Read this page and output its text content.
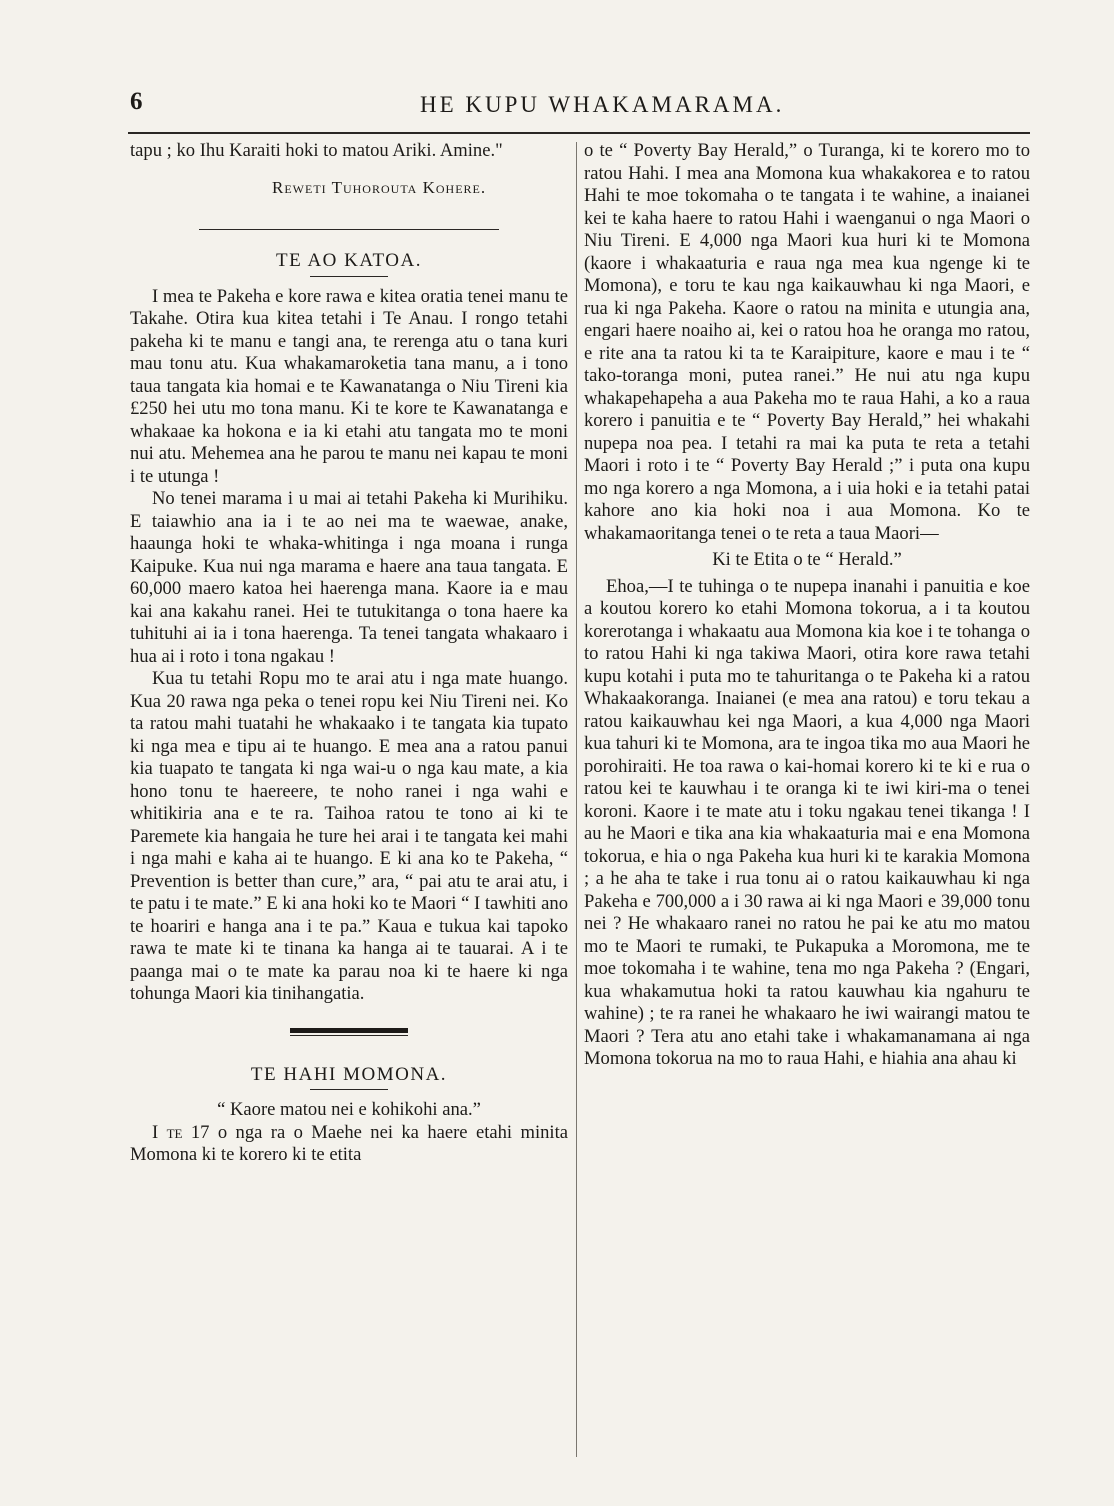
6	HE KUPU WHAKAMARAMA.

tapu ; ko Ihu Karaiti hoki to matou Ariki. Amine."

Reweti Tuhorouta Kohere.

TE AO KATOA.

I mea te Pakeha e kore rawa e kitea oratia tenei manu te Takahe. Otira kua kitea tetahi i Te Anau. I rongo tetahi pakeha ki te manu e tangi ana, te rerenga atu o tana kuri mau tonu atu. Kua whakamaroketia tana manu, a i tono taua tangata kia homai e te Kawanatanga o Niu Tireni kia £250 hei utu mo tona manu. Ki te kore te Kawanatanga e whakaae ka hokona e ia ki etahi atu tangata mo te moni nui atu. Mehemea ana he parou te manu nei kapau te moni i te utunga !

No tenei marama i u mai ai tetahi Pakeha ki Murihiku. E taiawhio ana ia i te ao nei ma te waewae, anake, haaunga hoki te whaka-whitinga i nga moana i runga Kaipuke. Kua nui nga marama e haere ana taua tangata. E 60,000 maero katoa hei haerenga mana. Kaore ia e mau kai ana kakahu ranei. Hei te tutukitanga o tona haere ka tuhituhi ai ia i tona haerenga. Ta tenei tangata whakaaro i hua ai i roto i tona ngakau !

Kua tu tetahi Ropu mo te arai atu i nga mate huango. Kua 20 rawa nga peka o tenei ropu kei Niu Tireni nei. Ko ta ratou mahi tuatahi he whakaako i te tangata kia tupato ki nga mea e tipu ai te huango. E mea ana a ratou panui kia tuapato te tangata ki nga wai-u o nga kau mate, a kia hono tonu te haereere, te noho ranei i nga wahi e whitikiria ana e te ra. Taihoa ratou te tono ai ki te Paremete kia hangaia he ture hei arai i te tangata kei mahi i nga mahi e kaha ai te huango. E ki ana ko te Pakeha, “ Prevention is better than cure,” ara, “ pai atu te arai atu, i te patu i te mate.” E ki ana hoki ko te Maori “ I tawhiti ano te hoariri e hanga ana i te pa.” Kaua e tukua kai tapoko rawa te mate ki te tinana ka hanga ai te tauarai. A i te paanga mai o te mate ka parau noa ki te haere ki nga tohunga Maori kia tinihangatia.

TE HAHI MOMONA.

“ Kaore matou nei e kohikohi ana.”

I te 17 o nga ra o Maehe nei ka haere etahi minita Momona ki te korero ki te etita

o te “ Poverty Bay Herald,” o Turanga, ki te korero mo to ratou Hahi. I mea ana Momona kua whakakorea e to ratou Hahi te moe tokomaha o te tangata i te wahine, a inaianei kei te kaha haere to ratou Hahi i waenganui o nga Maori o Niu Tireni. E 4,000 nga Maori kua huri ki te Momona (kaore i whakaaturia e raua nga mea kua ngenge ki te Momona), e toru te kau nga kaikauwhau ki nga Maori, e rua ki nga Pakeha. Kaore o ratou na minita e utungia ana, engari haere noaiho ai, kei o ratou hoa he oranga mo ratou, e rite ana ta ratou ki ta te Karaipiture, kaore e mau i te “ tako-toranga moni, putea ranei.” He nui atu nga kupu whakapehapeha a aua Pakeha mo te raua Hahi, a ko a raua korero i panuitia e te “ Poverty Bay Herald,” hei whakahi nupepa noa pea. I tetahi ra mai ka puta te reta a tetahi Maori i roto i te “ Poverty Bay Herald ;” i puta ona kupu mo nga korero a nga Momona, a i uia hoki e ia tetahi patai kahore ano kia hoki noa i aua Momona. Ko te whakamaoritanga tenei o te reta a taua Maori—

Ki te Etita o te “ Herald.”

Ehoa,—I te tuhinga o te nupepa inanahi i panuitia e koe a koutou korero ko etahi Momona tokorua, a i ta koutou korerotanga i whakaatu aua Momona kia koe i te tohanga o to ratou Hahi ki nga takiwa Maori, otira kore rawa tetahi kupu kotahi i puta mo te tahuritanga o te Pakeha ki a ratou Whakaakoranga. Inaianei (e mea ana ratou) e toru tekau a ratou kaikauwhau kei nga Maori, a kua 4,000 nga Maori kua tahuri ki te Momona, ara te ingoa tika mo aua Maori he porohiraiti. He toa rawa o kai-homai korero ki te ki e rua o ratou kei te kauwhau i te oranga ki te iwi kiri-ma o tenei koroni. Kaore i te mate atu i toku ngakau tenei tikanga ! I au he Maori e tika ana kia whakaaturia mai e ena Momona tokorua, e hia o nga Pakeha kua huri ki te karakia Momona ; a he aha te take i rua tonu ai o ratou kaikauwhau ki nga Pakeha e 700,000 a i 30 rawa ai ki nga Maori e 39,000 tonu nei ? He whakaaro ranei no ratou he pai ke atu mo matou mo te Maori te rumaki, te Pukapuka a Moromona, me te moe tokomaha i te wahine, tena mo nga Pakeha ? (Engari, kua whakamutua hoki ta ratou kauwhau kia ngahuru te wahine) ; te ra ranei he whakaaro he iwi wairangi matou te Maori ? Tera atu ano etahi take i whakamanamana ai nga Momona tokorua na mo to raua Hahi, e hiahia ana ahau ki
